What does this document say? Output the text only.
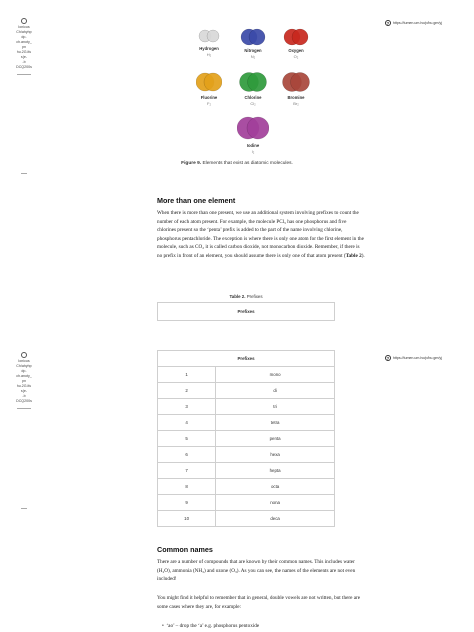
Ionicus
Ch/ahyhp
dp-
ch.anoty_
pn
hu.2G.ifu
s(e-
-b
DCQ200s
?	https://lumen.um.ho/p/bu.gm/yj
Hydrogen
H₂
Nitrogen
N₂
Oxygen
O₂
Fluorine
F₂
Chlorine
Cl₂
Bromine
Br₂
Iodine
I₂
Figure 9. Elements that exist as diatomic molecules.
More than one element

When there is more than one present, we use an additional system involving prefixes to count the number of each atom present. For example, the molecule PCl₅ has one phosphorus and five chlorines present so the ‘penta’ prefix is added to the part of the name involving chlorine, phosphorus pentachloride. The exception is where there is only one atom for the first element in the molecule, such as CO₂ it is called carbon dioxide, not monocarbon dioxide. Remember, if there is no prefix in front of an element, you should assume there is only one of that atom present (Table 2).

Table 2. Prefixes
Prefixes
Ionicus
Ch/ahyhp
dp-
ch.anoty_
pn
hu.2G.ifu
s(e-
-b
DCQ200s
?	https://lumen.um.ho/p/bu.gm/yj
Prefixes	
1	mono
2	di
3	tri
4	tetra
5	penta
6	hexa
7	hepta
8	octa
9	nona
10	deca
Common names

There are a number of compounds that are known by their common names. This includes water (H₂O), ammonia (NH₃) and ozone (O₃). As you can see, the names of the elements are not even included!

You might find it helpful to remember that in general, double vowels are not written, but there are some cases where they are, for example:

•  ‘ao’ – drop the ‘a’ e.g. phosphorus pentoxide
